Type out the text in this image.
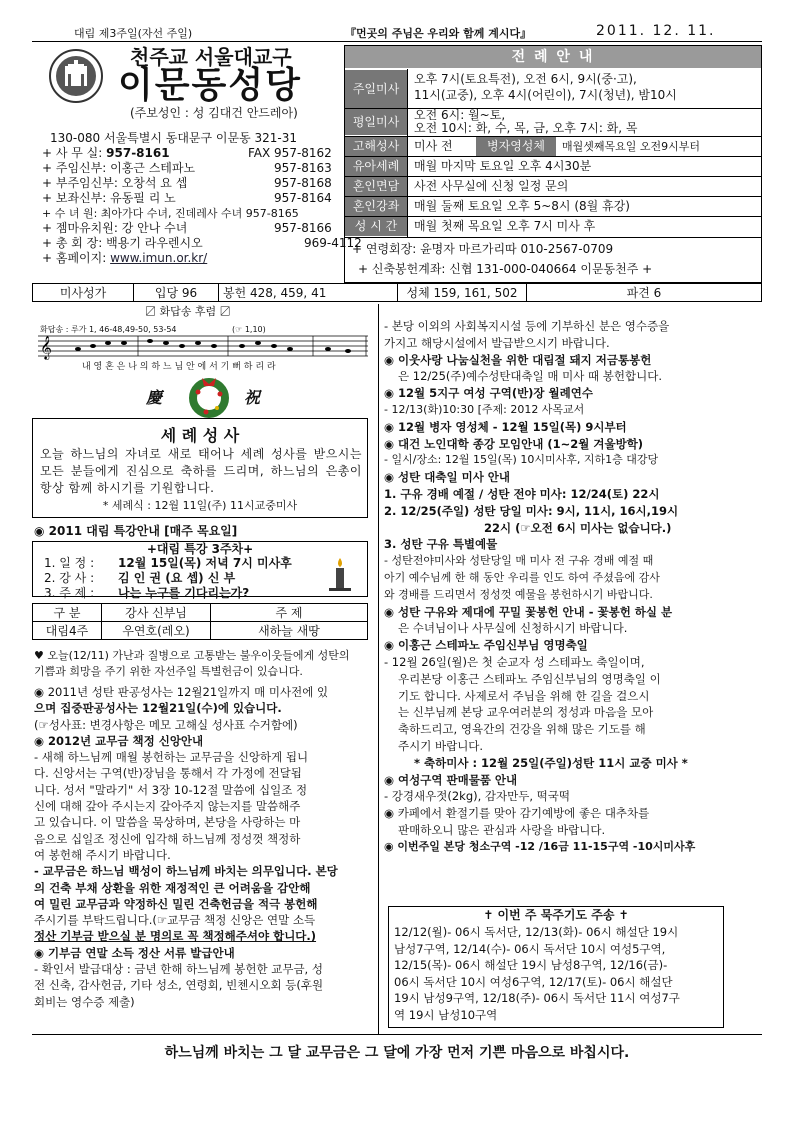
대림 제3주일(자선 주일)	『먼곳의 주님은 우리와 함께 계시다』	2011. 12. 11.
천주교 서울대교구
이문동성당
(주보성인 : 성 김대건 안드레아)
130-080 서울특별시 동대문구 이문동 321-31
+ 사 무 실: 957-8161	FAX 957-8162
+ 주임신부: 이홍근 스테파노	957-8163
+ 부주임신부: 오창석 요 셉	957-8168
+ 보좌신부: 유동필 리 노	957-8164
+ 수 녀 원: 최아가다 수녀, 진데레사 수녀 957-8165
+ 젬마유치원: 강 안나 수녀	957-8166
+ 총 회 장: 백용기 라우렌시오	969-4112
+ 홈페이지: www.imun.or.kr/
전 례 안 내
주일미사
오후 7시(토요특전), 오전 6시, 9시(중·고),
11시(교중), 오후 4시(어린이), 7시(청년), 밤10시
평일미사	오전 6시: 월~토,
오전 10시: 화, 수, 목, 금, 오후 7시: 화, 목
고해성사	미사 전	병자영성체	매월셋째목요일 오전9시부터
유아세례	매월 마지막 토요일 오후 4시30분
혼인면담	사전 사무실에 신청 일정 문의
혼인강좌	매월 둘째 토요일 오후 5~8시 (8월 휴강)
성 시 간	매월 첫째 목요일 오후 7시 미사 후
+ 연령회장: 윤명자 마르가리따 010-2567-0709
+ 신축봉헌계좌: 신협 131-000-040664 이문동천주 +
미사성가	입당 96	봉헌 428, 459, 41	성체 159, 161, 502	파견 6
〼 화답송 후렴 〼
화답송 : 루가 1, 46-48,49-50, 53-54	(☞ 1,10)
𝄞
내 영 혼 은 나 의 하 느 님 안 에 서 기 뻐 하 리 라
慶	祝
세 례 성 사
오늘 하느님의 자녀로 새로 태어나 세례 성사를 받으시는 모든 분들에게 진심으로 축하를 드리며, 하느님의 은총이 항상 함께 하시기를 기원합니다.
* 세례식 : 12월 11일(주) 11시교중미사
◉ 2011 대림 특강안내 [매주 목요일]
+대림 특강 3주차+
1. 일 정 : 12월 15일(목) 저녁 7시 미사후
2. 강 사 : 김 인 권 (요 셉) 신 부
3. 주 제 : 나는 누구를 기다리는가?
구 분	강사 신부님	주 제
대림4주	우연호(레오)	새하늘 새땅
♥ 오늘(12/11) 가난과 질병으로 고통받는 불우이웃들에게 성탄의
기쁨과 희망을 주기 위한 자선주일 특별헌금이 있습니다.
◉ 2011년 성탄 판공성사는 12월21일까지 매 미사전에 있
으며 집중판공성사는 12월21일(수)에 있습니다.
(☞성사표: 변경사항은 메모 고해실 성사표 수거함에)
◉ 2012년 교무금 책정 신앙안내
- 새해 하느님께 매월 봉헌하는 교무금을 신앙하게 됩니
다. 신앙서는 구역(반)장님을 통해서 각 가정에 전달됩
니다. 성서 "말라기" 서 3장 10-12절 말씀에 십일조 정
신에 대해 갚아 주시는지 갚아주지 않는지를 말씀해주
고 있습니다. 이 말씀을 묵상하며, 본당을 사랑하는 마
음으로 십일조 정신에 입각해 하느님께 정성껏 책정하
여 봉헌해 주시기 바랍니다.
- 교무금은 하느님 백성이 하느님께 바치는 의무입니다. 본당
의 건축 부채 상환을 위한 재정적인 큰 어려움을 감안해
여 밀린 교무금과 약정하신 밀린 건축헌금을 적극 봉헌해
주시기를 부탁드립니다.(☞교무금 책정 신앙은 연말 소득
정산 기부금 받으실 분 명의로 꼭 책정해주셔야 합니다.)
◉ 기부금 연말 소득 정산 서류 발급안내
- 확인서 발급대상 : 금년 한해 하느님께 봉헌한 교무금, 성
전 신축, 감사헌금, 기타 성소, 연령회, 빈첸시오회 등(후원
회비는 영수증 제출)
- 본당 이외의 사회복지시설 등에 기부하신 분은 영수증을
가지고 해당시설에서 발급받으시기 바랍니다.
◉ 이웃사랑 나눔실천을 위한 대림절 돼지 저금통봉헌
은 12/25(주)예수성탄대축일 매 미사 때 봉헌합니다.
◉ 12월 5지구 여성 구역(반)장 월례연수
- 12/13(화)10:30 [주제: 2012 사목교서
◉ 12월 병자 영성체 - 12월 15일(목) 9시부터
◉ 대건 노인대학 종강 모임안내 (1~2월 겨울방학)
- 일시/장소: 12월 15일(목) 10시미사후, 지하1층 대강당
◉ 성탄 대축일 미사 안내
1. 구유 경배 예절 / 성탄 전야 미사: 12/24(토) 22시
2. 12/25(주일) 성탄 당일 미사: 9시, 11시, 16시,19시
22시 (☞오전 6시 미사는 없습니다.)
3. 성탄 구유 특별예물
- 성탄전야미사와 성탄당일 매 미사 전 구유 경배 예절 때
아기 예수님께 한 해 동안 우리를 인도 하여 주셨음에 감사
와 경배를 드리면서 정성껏 예물을 봉헌하시기 바랍니다.
◉ 성탄 구유와 제대에 꾸밀 꽃봉헌 안내 - 꽃봉헌 하실 분
은 수녀님이나 사무실에 신청하시기 바랍니다.
◉ 이홍근 스테파노 주임신부님 영명축일
- 12월 26일(월)은 첫 순교자 성 스테파노 축일이며,
우리본당 이홍근 스테파노 주임신부님의 영명축일 이
기도 합니다. 사제로서 주님을 위해 한 길을 걸으시
는 신부님께 본당 교우여러분의 정성과 마음을 모아
축하드리고, 영육간의 건강을 위해 많은 기도를 해
주시기 바랍니다.
* 축하미사 : 12월 25일(주일)성탄 11시 교중 미사 *
◉ 여성구역 판매물품 안내
- 강경새우젓(2kg), 감자만두, 떡국떡
◉ 카페에서 환절기를 맞아 감기예방에 좋은 대추차를
판매하오니 많은 관심과 사랑을 바랍니다.
◉ 이번주일 본당 청소구역 -12 /16금 11-15구역 -10시미사후
✝ 이번 주 묵주기도 주송 ✝
12/12(월)- 06시 독서단, 12/13(화)- 06시 해설단 19시
남성7구역, 12/14(수)- 06시 독서단 10시 여성5구역,
12/15(목)- 06시 해설단 19시 남성8구역, 12/16(금)-
06시 독서단 10시 여성6구역, 12/17(토)- 06시 해설단
19시 남성9구역, 12/18(주)- 06시 독서단 11시 여성7구
역 19시 남성10구역
하느님께 바치는 그 달 교무금은 그 달에 가장 먼저 기쁜 마음으로 바칩시다.
